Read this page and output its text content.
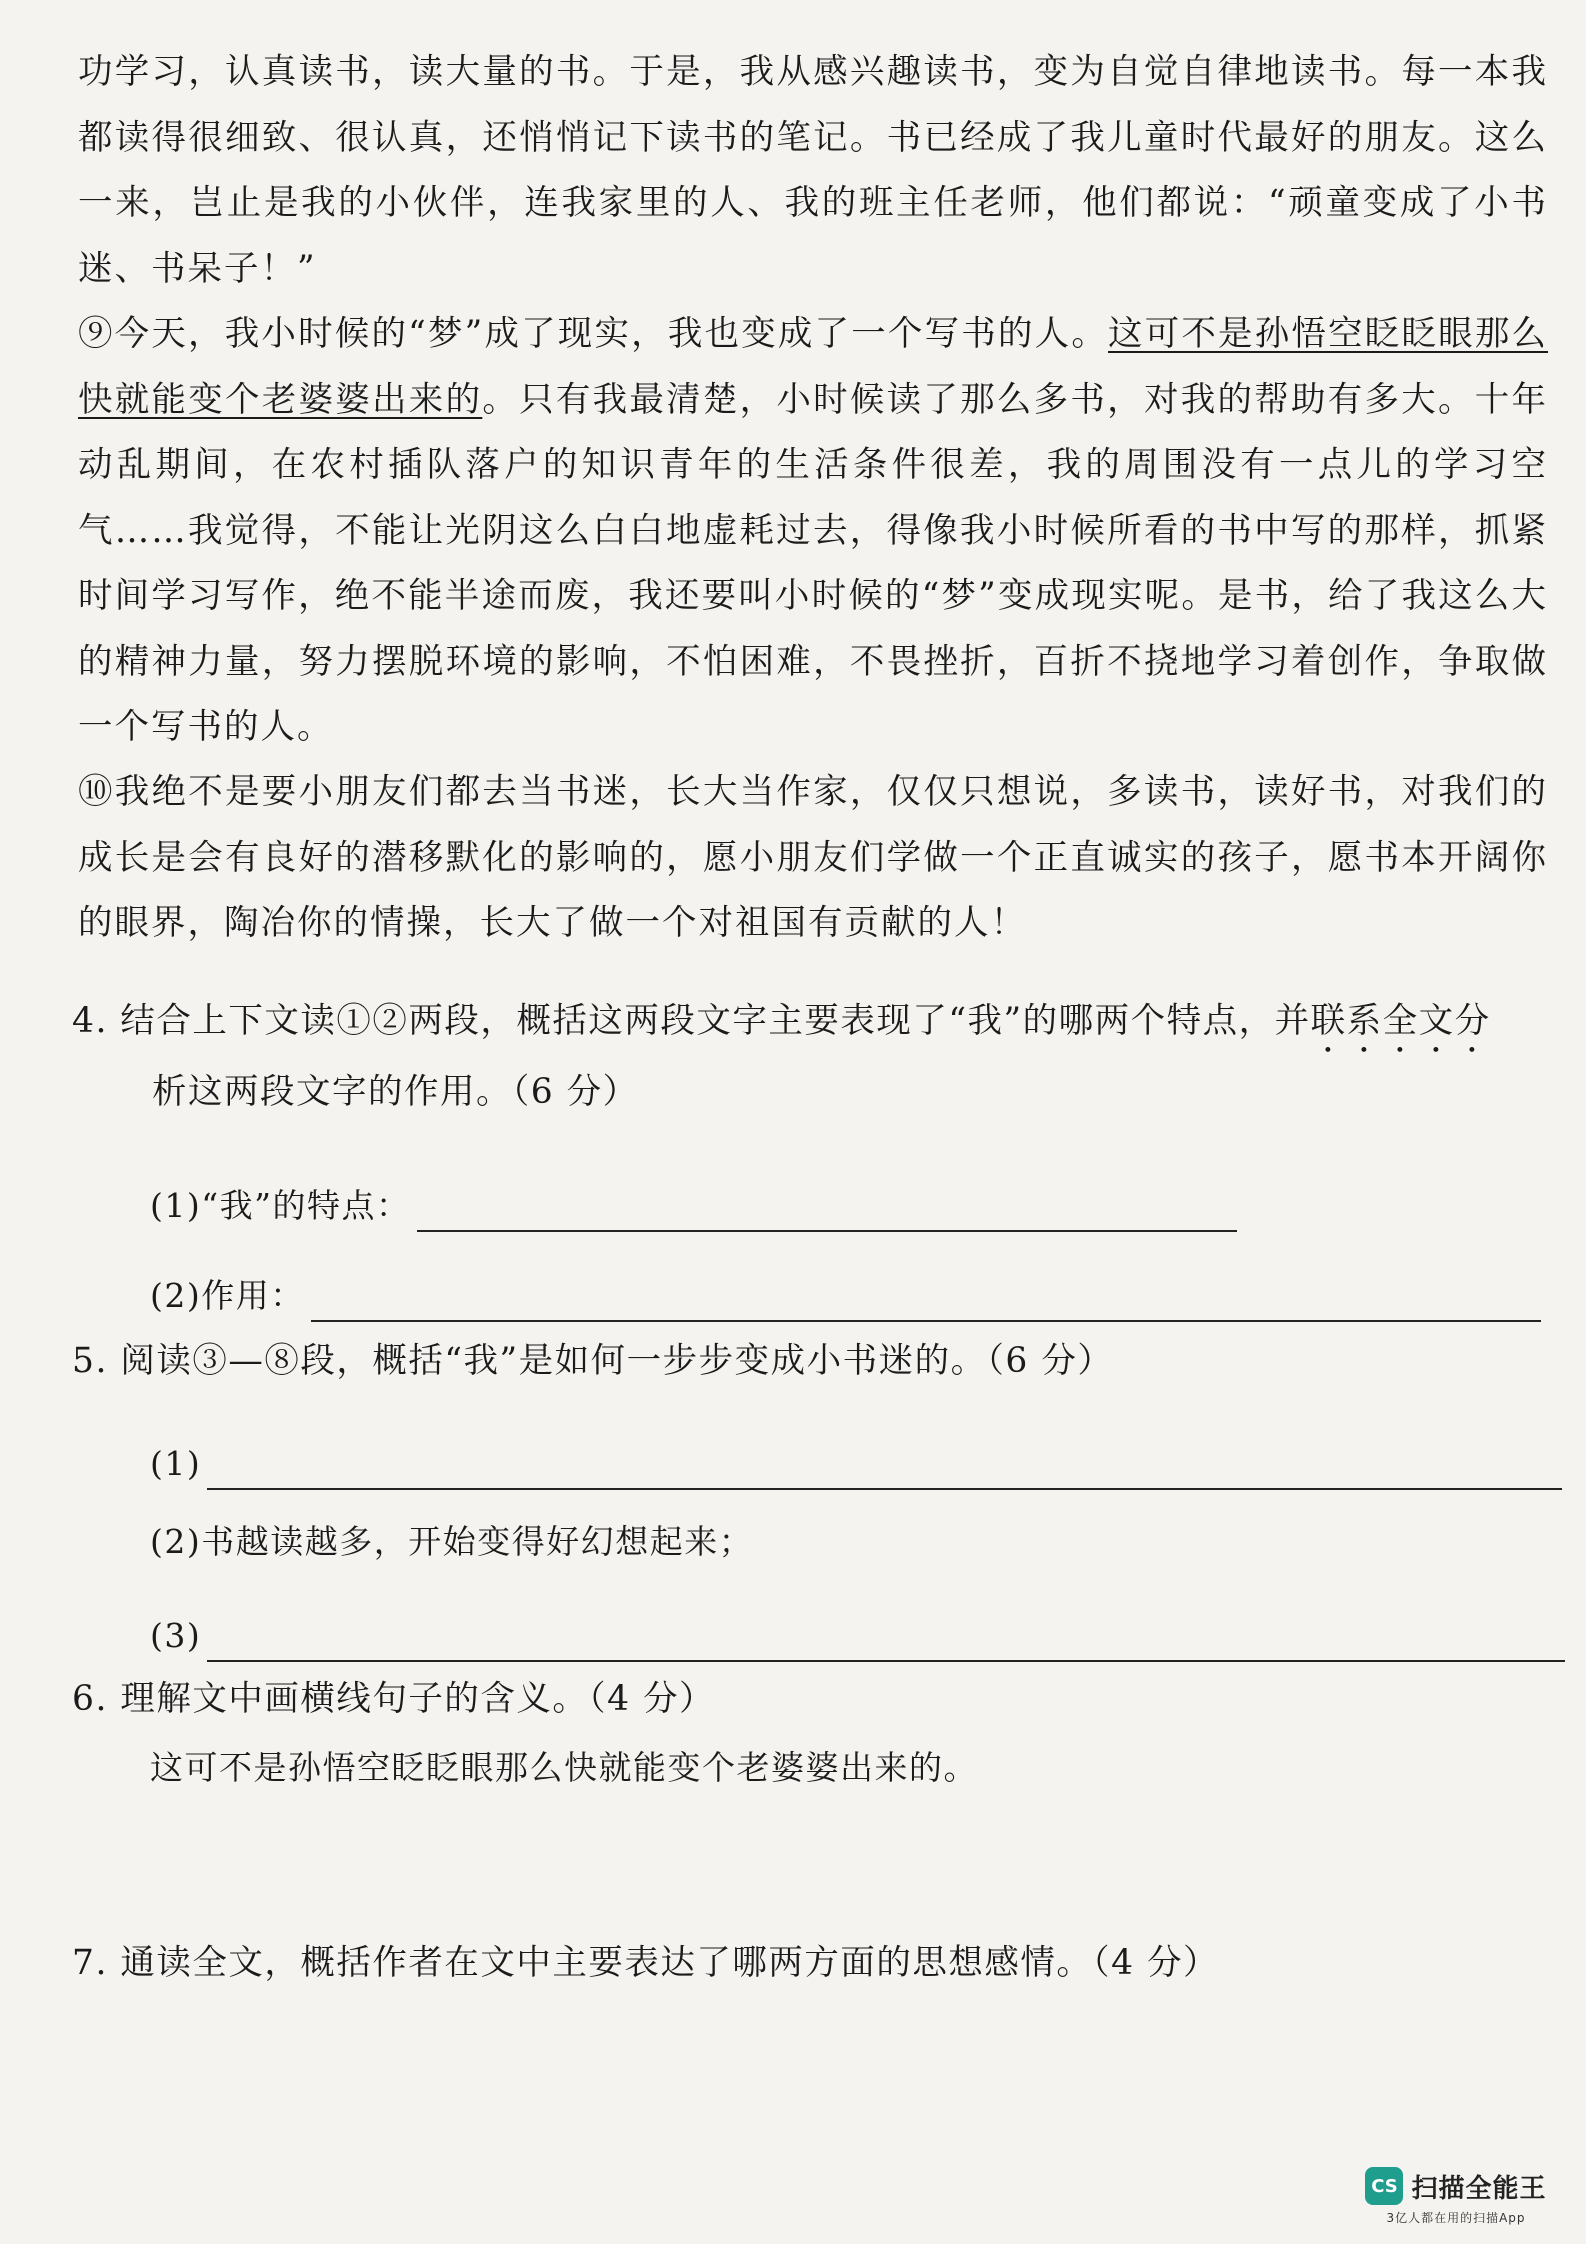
功学习，认真读书，读大量的书。于是，我从感兴趣读书，变为自觉自律地读书。每一本我都读得很细致、很认真，还悄悄记下读书的笔记。书已经成了我儿童时代最好的朋友。这么一来，岂止是我的小伙伴，连我家里的人、我的班主任老师，他们都说：“顽童变成了小书迷、书呆子！”

⑨今天，我小时候的“梦”成了现实，我也变成了一个写书的人。这可不是孙悟空眨眨眼那么快就能变个老婆婆出来的。只有我最清楚，小时候读了那么多书，对我的帮助有多大。十年动乱期间，在农村插队落户的知识青年的生活条件很差，我的周围没有一点儿的学习空气……我觉得，不能让光阴这么白白地虚耗过去，得像我小时候所看的书中写的那样，抓紧时间学习写作，绝不能半途而废，我还要叫小时候的“梦”变成现实呢。是书，给了我这么大的精神力量，努力摆脱环境的影响，不怕困难，不畏挫折，百折不挠地学习着创作，争取做一个写书的人。

⑩我绝不是要小朋友们都去当书迷，长大当作家，仅仅只想说，多读书，读好书，对我们的成长是会有良好的潜移默化的影响的，愿小朋友们学做一个正直诚实的孩子，愿书本开阔你的眼界，陶冶你的情操，长大了做一个对祖国有贡献的人！

4. 结合上下文读①②两段，概括这两段文字主要表现了“我”的哪两个特点，并联系全文分
析这两段文字的作用。（6 分）

(1)“我”的特点：
(2)作用：

5. 阅读③—⑧段，概括“我”是如何一步步变成小书迷的。（6 分）

(1)
(2)书越读越多，开始变得好幻想起来；
(3)

6. 理解文中画横线句子的含义。（4 分）

这可不是孙悟空眨眨眼那么快就能变个老婆婆出来的。

7. 通读全文，概括作者在文中主要表达了哪两方面的思想感情。（4 分）

CS 扫描全能王
3亿人都在用的扫描App
